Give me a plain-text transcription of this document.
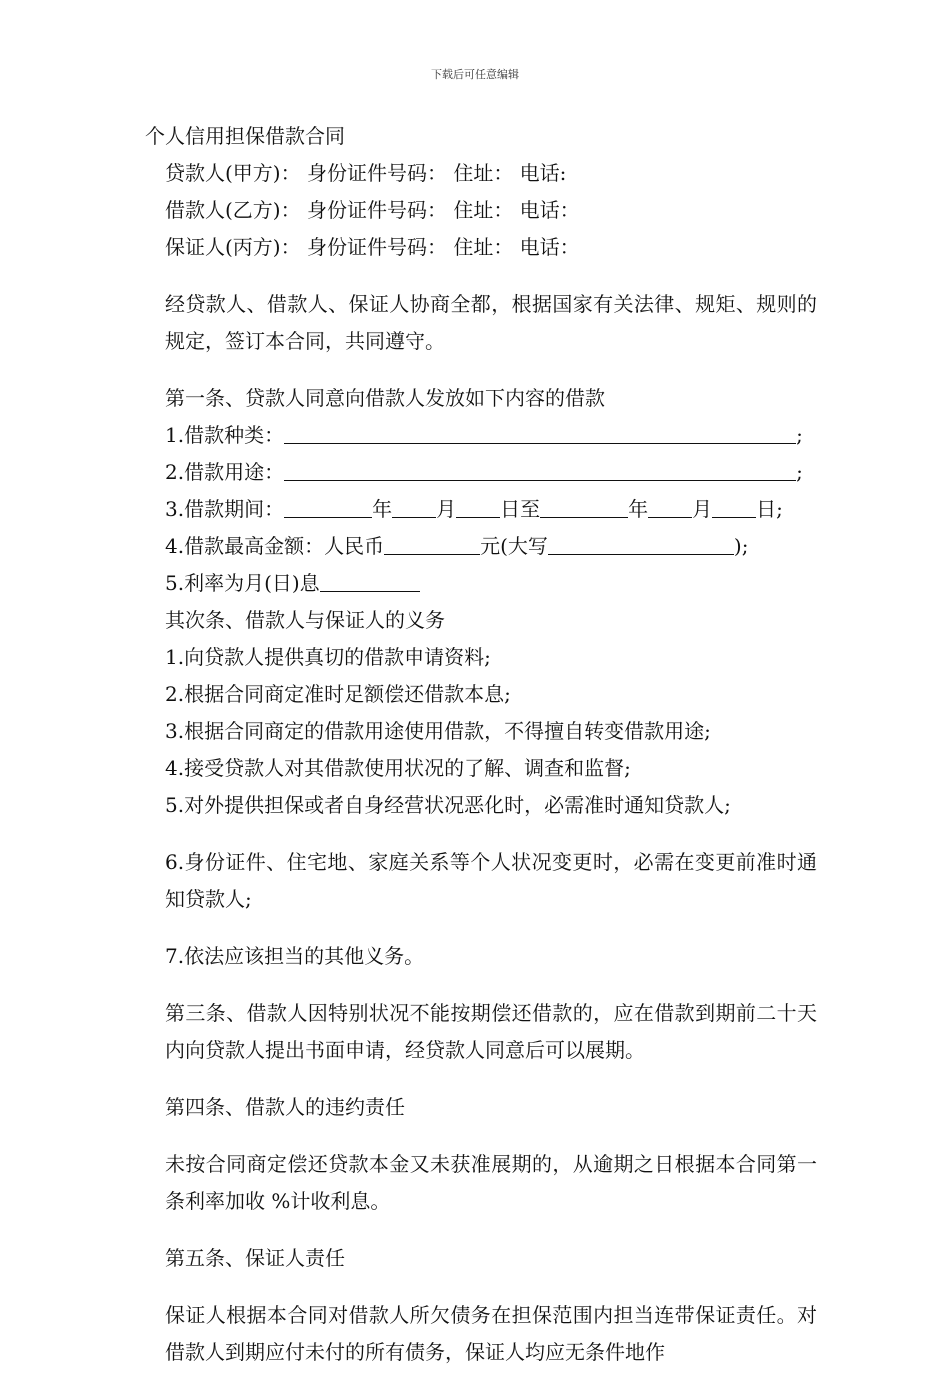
下载后可任意编辑

个人信用担保借款合同

贷款人(甲方)： 身份证件号码： 住址： 电话:

借款人(乙方)： 身份证件号码： 住址： 电话：

保证人(丙方)： 身份证件号码： 住址： 电话：

经贷款人、借款人、保证人协商全都，根据国家有关法律、规矩、规则的规定，签订本合同，共同遵守。

第一条、贷款人同意向借款人发放如下内容的借款

1.借款种类：	;

2.借款用途：	;

3.借款期间：	年 月 日至	年 月 日;

4.借款最高金额：人民币	元(大写	);

5.利率为月(日)息

其次条、借款人与保证人的义务

1.向贷款人提供真切的借款申请资料;

2.根据合同商定准时足额偿还借款本息;

3.根据合同商定的借款用途使用借款，不得擅自转变借款用途;

4.接受贷款人对其借款使用状况的了解、调查和监督;

5.对外提供担保或者自身经营状况恶化时，必需准时通知贷款人;

6.身份证件、住宅地、家庭关系等个人状况变更时，必需在变更前准时通知贷款人;

7.依法应该担当的其他义务。

第三条、借款人因特别状况不能按期偿还借款的，应在借款到期前二十天内向贷款人提出书面申请，经贷款人同意后可以展期。

第四条、借款人的违约责任

未按合同商定偿还贷款本金又未获准展期的，从逾期之日根据本合同第一条利率加收 %计收利息。

第五条、保证人责任

保证人根据本合同对借款人所欠债务在担保范围内担当连带保证责任。对借款人到期应付未付的所有债务，保证人均应无条件地作
